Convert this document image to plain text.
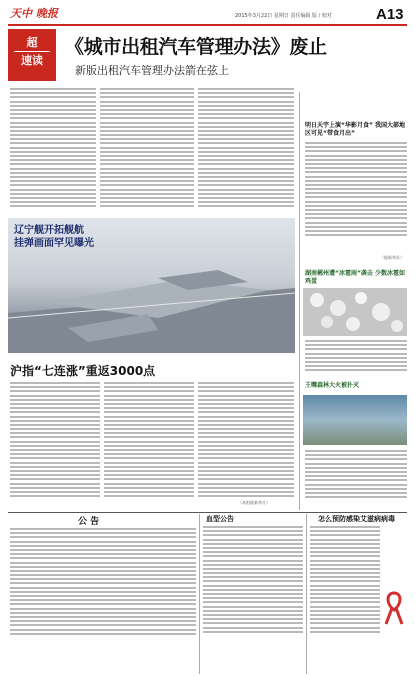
天中 晚报	2015年3月22日 星期日 责任编辑 版 / 校对	A13
超
速读
《城市出租汽车管理办法》废止
新版出租汽车管理办法箭在弦上
辽宁舰开拓舰航
挂弹画面罕见曝光
沪指“七连涨”重返3000点
明日天宇上演“华影月食” 我国大部地区可见“带食月出”
（据新华社）
湖南郴州遭“冰雹雨”袭击 少数冰雹如鸡蛋
王嘴森林大火被扑灭
（本组据新华社）
公 告	血型公告	怎么预防感染艾滋病病毒
